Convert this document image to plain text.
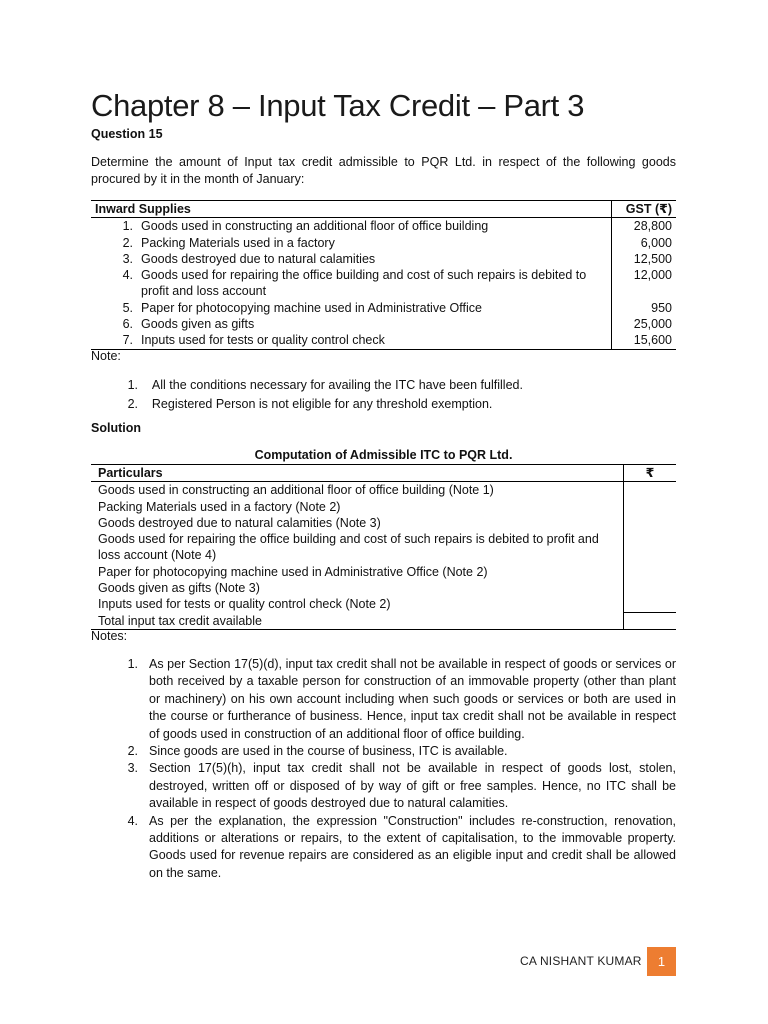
Chapter 8 – Input Tax Credit – Part 3
Question 15
Determine the amount of Input tax credit admissible to PQR Ltd. in respect of the following goods procured by it in the month of January:
Inward Supplies	GST (₹)
1. Goods used in constructing an additional floor of office building	28,800
2. Packing Materials used in a factory	6,000
3. Goods destroyed due to natural calamities	12,500
4. Goods used for repairing the office building and cost of such repairs is debited to profit and loss account	12,000
5. Paper for photocopying machine used in Administrative Office	950
6. Goods given as gifts	25,000
7. Inputs used for tests or quality control check	15,600
Note:
1. All the conditions necessary for availing the ITC have been fulfilled.
2. Registered Person is not eligible for any threshold exemption.
Solution
Computation of Admissible ITC to PQR Ltd.
Particulars	₹
Goods used in constructing an additional floor of office building (Note 1)	
Packing Materials used in a factory (Note 2)	
Goods destroyed due to natural calamities (Note 3)	
Goods used for repairing the office building and cost of such repairs is debited to profit and loss account (Note 4)	
Paper for photocopying machine used in Administrative Office (Note 2)	
Goods given as gifts (Note 3)	
Inputs used for tests or quality control check (Note 2)	
Total input tax credit available	
Notes:
1. As per Section 17(5)(d), input tax credit shall not be available in respect of goods or services or both received by a taxable person for construction of an immovable property (other than plant or machinery) on his own account including when such goods or services or both are used in the course or furtherance of business. Hence, input tax credit shall not be available in respect of goods used in construction of an additional floor of office building.
2. Since goods are used in the course of business, ITC is available.
3. Section 17(5)(h), input tax credit shall not be available in respect of goods lost, stolen, destroyed, written off or disposed of by way of gift or free samples. Hence, no ITC shall be available in respect of goods destroyed due to natural calamities.
4. As per the explanation, the expression "Construction" includes re-construction, renovation, additions or alterations or repairs, to the extent of capitalisation, to the immovable property. Goods used for revenue repairs are considered as an eligible input and credit shall be allowed on the same.
CA NISHANT KUMAR	1
